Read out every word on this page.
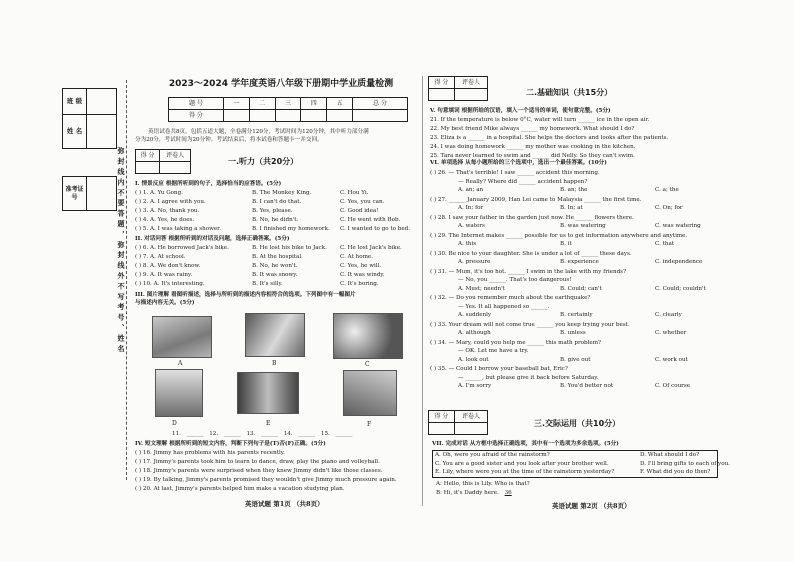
班 级	
姓 名	
准考证号		弥封线内不要答题，弥封线外不写考号、姓名
2023～2024 学年度英语八年级下册期中学业质量检测
题 号	一	二	三	四	五	总 分
得 分						
英语试卷共8页，包括五道大题，全卷满分120分，考试时间为120分钟，其中听力部分满
分为20分，考试时间为20分钟。考试结束后，将本试卷和答题卡一并交回。
得 分	评卷人

一.听力（共20分）
I. 情景反应 根据所听到的句子，选择恰当的应答语。(5分)
( ) 1. A. Yu Gong.	B. The Monkey King.	C. Hou Yi.
( ) 2. A. I agree with you.	B. I can't do that.	C. Yes, you can.
( ) 3. A. No, thank you.	B. Yes, please.	C. Good idea!
( ) 4. A. Yes, he does.	B. No, he didn't.	C. He went with Bob.
( ) 5. A. I was taking a shower.	B. I finished my homework. C. I wanted to go to bed.
II. 对话问答 根据所听到的对话及问题，选择正确答案。(5分)
( ) 6. A. He borrowed Jack's bike.	B. He lost his bike to Jack. C. He lost Jack's bike.
( ) 7. A. At school.	B. At the hospital.	C. At home.
( ) 8. A. We don't know.	B. No, he won't.	C. Yes, he will.
( ) 9. A. It was rainy.	B. It was snowy.	C. It was windy.
( ) 10. A. It's interesting.	B. It's silly.	C. It's boring.
III. 图片理解 看图听描述，选择与所听到的描述内容相符合的选项。下列图中有一幅图片
与描述内容无关。(5分)
A	B	C
D	E	F
11. ______ 12. ______ 13. ______ 14. ______ 15. ______
IV. 短文理解 根据所听到的短文内容，判断下列句子是(T)否(F)正确。(5分)
( ) 16. Jimmy has problems with his parents recently.
( ) 17. Jimmy's parents took him to learn to dance, draw, play the piano and volleyball.
( ) 18. Jimmy's parents were surprised when they knew Jimmy didn't like those classes.
( ) 19. By talking, Jimmy's parents promised they wouldn't give Jimmy much pressure again.
( ) 20. At last, Jimmy's parents helped him make a vacation studying plan.
英语试题 第1页 （共8页）
得 分	评卷人

二.基础知识（共15分）
V. 句意填词 根据所给的汉语，填入一个适当的单词，使句意完整。(5分)
21. If the temperature is below 0°C, water will turn ______ ice in the open air.
22. My best friend Mike always ______ my homework. What should I do?
23. Eliza is a ______ in a hospital. She helps the doctors and looks after the patients.
24. I was doing homework ______ my mother was cooking in the kitchen.
25. Tara never learned to swim and ______ did Nelly. So they can't swim.
VI. 单项选择 从每小题所给的三个选项中，选出一个最佳答案。(10分)
( ) 26. — That's terrible! I saw ______ accident this morning.
— Really? Where did ______ accident happen?
A. an; an	B. an; the	C. a; the
( ) 27. ______ January 2009, Han Lei came to Malaysia ______ the first time.
A. In; for	B. In; at	C. On; for
( ) 28. I saw your father in the garden just now. He ______ flowers there.
A. waters	B. was watering	C. was watering
( ) 29. The Internet makes ______ possible for us to get information anywhere and anytime.
A. this	B. it	C. that
( ) 30. Be nice to your daughter. She is under a lot of ______ these days.
A. pressure	B. experience	C. independence
( ) 31. — Mum, it's too hot. ______ I swim in the lake with my friends?
— No, you ______. That's too dangerous!
A. Must; needn't	B. Could; can't	C. Could; couldn't
( ) 32. — Do you remember much about the earthquake?
— Yes. It all happened so ______.
A. suddenly	B. certainly	C. clearly
( ) 33. Your dream will not come true ______ you keep trying your best.
A. although	B. unless	C. whether
( ) 34. — Mary, could you help me ______ this math problem?
— OK. Let me have a try.
A. look out	B. give out	C. work out
( ) 35. — Could I borrow your baseball bat, Eric?
— ______, but please give it back before Saturday.
A. I'm sorry	B. You'd better not	C. Of course
得 分	评卷人

三.交际运用（共10分）
VII. 完成对话 从方框中选择正确选项，其中有一个选项为多余选项。(5分)
A. Oh, were you afraid of the rainstorm?	D. What should I do?
C. You are a good sister and you look after your brother well.	D. I'll bring gifts to each of you.
E. Lily, where were you at the time of the rainstorm yesterday?	F. What did you do then?
A: Hello, this is Lily. Who is that?
B: Hi, it's Daddy here. 36
英语试题 第2页 （共8页）
